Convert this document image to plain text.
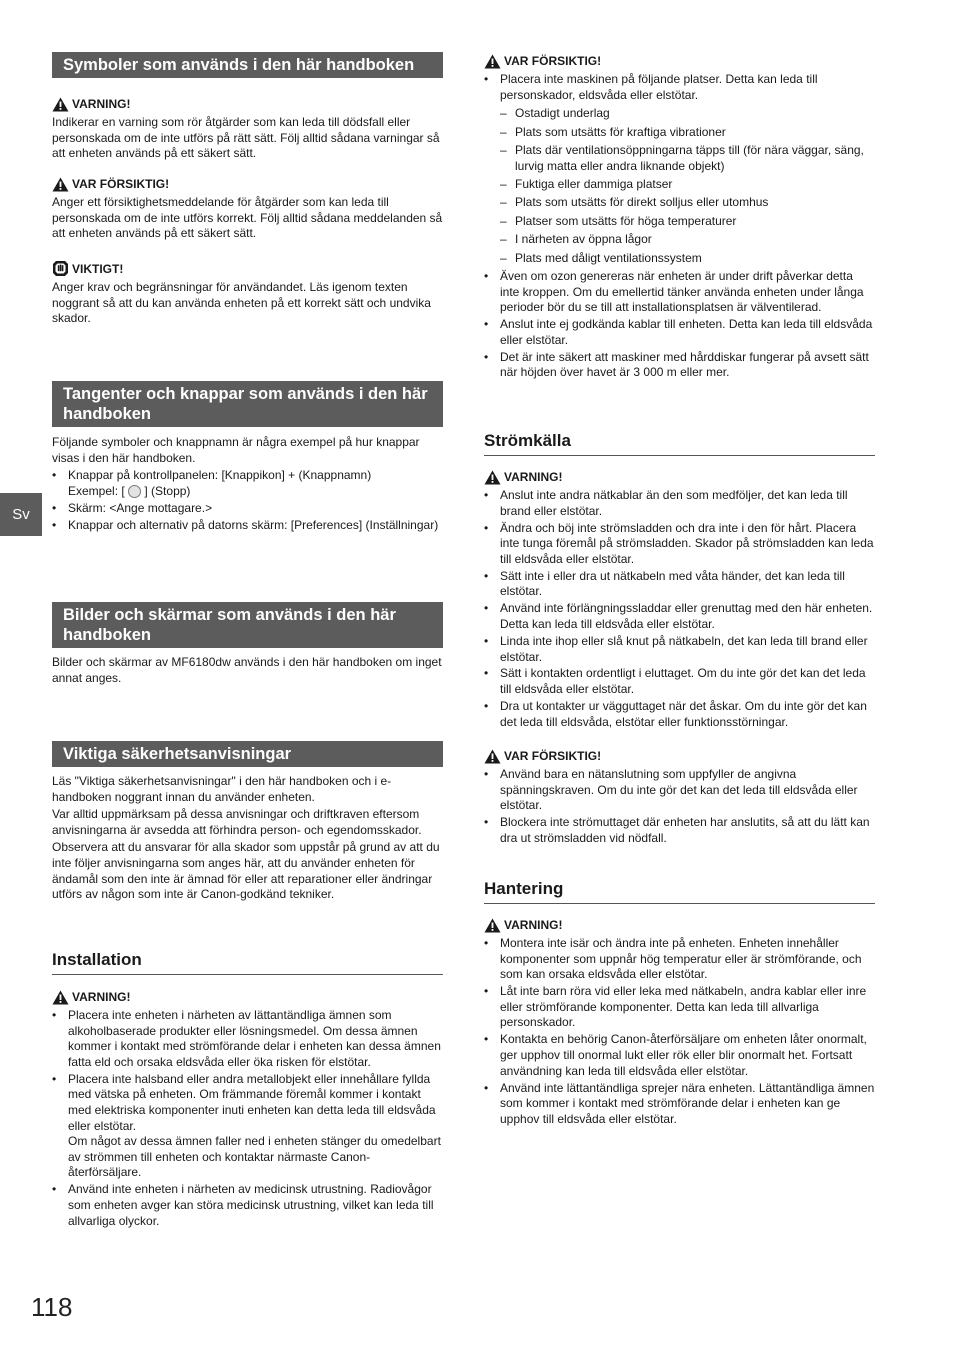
Sv
118
Symboler som används i den här handboken
VARNING!

Indikerar en varning som rör åtgärder som kan leda till dödsfall eller personskada om de inte utförs på rätt sätt. Följ alltid sådana varningar så att enheten används på ett säkert sätt.

VAR FÖRSIKTIG!

Anger ett försiktighetsmeddelande för åtgärder som kan leda till personskada om de inte utförs korrekt. Följ alltid sådana meddelanden så att enheten används på ett säkert sätt.

VIKTIGT!

Anger krav och begränsningar för användandet. Läs igenom texten noggrant så att du kan använda enheten på ett korrekt sätt och undvika skador.

Tangenter och knappar som används i den här handboken

Följande symboler och knappnamn är några exempel på hur knappar visas i den här handboken.

• Knappar på kontrollpanelen: [Knappikon] + (Knappnamn)
Exempel: [ ] (Stopp)
• Skärm: <Ange mottagare.>
• Knappar och alternativ på datorns skärm: [Preferences] (Inställningar)
Bilder och skärmar som används i den här handboken

Bilder och skärmar av MF6180dw används i den här handboken om inget annat anges.

Viktiga säkerhetsanvisningar

Läs "Viktiga säkerhetsanvisningar" i den här handboken och i e-handboken noggrant innan du använder enheten.

Var alltid uppmärksam på dessa anvisningar och driftkraven eftersom anvisningarna är avsedda att förhindra person- och egendomsskador.

Observera att du ansvarar för alla skador som uppstår på grund av att du inte följer anvisningarna som anges här, att du använder enheten för ändamål som den inte är ämnad för eller att reparationer eller ändringar utförs av någon som inte är Canon-godkänd tekniker.

Installation
VARNING!
• Placera inte enheten i närheten av lättantändliga ämnen som alkoholbaserade produkter eller lösningsmedel. Om dessa ämnen kommer i kontakt med strömförande delar i enheten kan dessa ämnen fatta eld och orsaka eldsvåda eller öka risken för elstötar.
• Placera inte halsband eller andra metallobjekt eller innehållare fyllda med vätska på enheten. Om främmande föremål kommer i kontakt med elektriska komponenter inuti enheten kan detta leda till eldsvåda eller elstötar.
Om något av dessa ämnen faller ned i enheten stänger du omedelbart av strömmen till enheten och kontaktar närmaste Canon-återförsäljare.
• Använd inte enheten i närheten av medicinsk utrustning. Radiovågor som enheten avger kan störa medicinsk utrustning, vilket kan leda till allvarliga olyckor.
VAR FÖRSIKTIG!
• Placera inte maskinen på följande platser. Detta kan leda till personskador, eldsvåda eller elstötar.
– Ostadigt underlag
– Plats som utsätts för kraftiga vibrationer
– Plats där ventilationsöppningarna täpps till (för nära väggar, säng, lurvig matta eller andra liknande objekt)
– Fuktiga eller dammiga platser
– Plats som utsätts för direkt solljus eller utomhus
– Platser som utsätts för höga temperaturer
– I närheten av öppna lågor
– Plats med dåligt ventilationssystem
• Även om ozon genereras när enheten är under drift påverkar detta inte kroppen. Om du emellertid tänker använda enheten under långa perioder bör du se till att installationsplatsen är välventilerad.
• Anslut inte ej godkända kablar till enheten. Detta kan leda till eldsvåda eller elstötar.
• Det är inte säkert att maskiner med hårddiskar fungerar på avsett sätt när höjden över havet är 3 000 m eller mer.
Strömkälla
VARNING!
• Anslut inte andra nätkablar än den som medföljer, det kan leda till brand eller elstötar.
• Ändra och böj inte strömsladden och dra inte i den för hårt. Placera inte tunga föremål på strömsladden. Skador på strömsladden kan leda till eldsvåda eller elstötar.
• Sätt inte i eller dra ut nätkabeln med våta händer, det kan leda till elstötar.
• Använd inte förlängningssladdar eller grenuttag med den här enheten. Detta kan leda till eldsvåda eller elstötar.
• Linda inte ihop eller slå knut på nätkabeln, det kan leda till brand eller elstötar.
• Sätt i kontakten ordentligt i eluttaget. Om du inte gör det kan det leda till eldsvåda eller elstötar.
• Dra ut kontakter ur vägguttaget när det åskar. Om du inte gör det kan det leda till eldsvåda, elstötar eller funktionsstörningar.
VAR FÖRSIKTIG!
• Använd bara en nätanslutning som uppfyller de angivna spänningskraven. Om du inte gör det kan det leda till eldsvåda eller elstötar.
• Blockera inte strömuttaget där enheten har anslutits, så att du lätt kan dra ut strömsladden vid nödfall.
Hantering
VARNING!
• Montera inte isär och ändra inte på enheten. Enheten innehåller komponenter som uppnår hög temperatur eller är strömförande, och som kan orsaka eldsvåda eller elstötar.
• Låt inte barn röra vid eller leka med nätkabeln, andra kablar eller inre eller strömförande komponenter. Detta kan leda till allvarliga personskador.
• Kontakta en behörig Canon-återförsäljare om enheten låter onormalt, ger upphov till onormal lukt eller rök eller blir onormalt het. Fortsatt användning kan leda till eldsvåda eller elstötar.
• Använd inte lättantändliga sprejer nära enheten. Lättantändliga ämnen som kommer i kontakt med strömförande delar i enheten kan ge upphov till eldsvåda eller elstötar.
